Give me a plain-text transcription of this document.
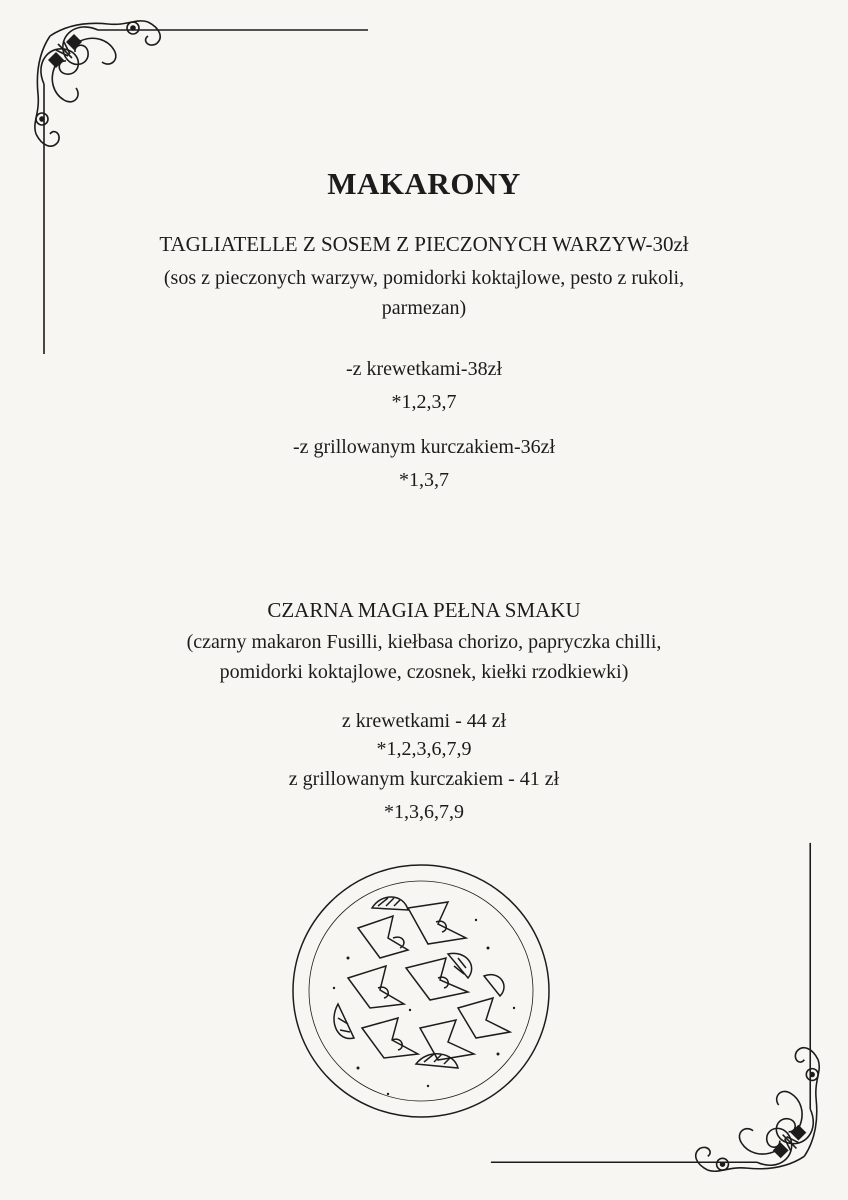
MAKARONY
TAGLIATELLE Z SOSEM Z PIECZONYCH WARZYW-30zł
(sos z pieczonych warzyw, pomidorki koktajlowe, pesto z rukoli,
parmezan)
-z krewetkami-38zł
*1,2,3,7
-z grillowanym kurczakiem-36zł
*1,3,7
CZARNA MAGIA PEŁNA SMAKU
(czarny makaron Fusilli, kiełbasa chorizo, papryczka chilli,
pomidorki koktajlowe, czosnek, kiełki rzodkiewki)
z krewetkami - 44 zł
*1,2,3,6,7,9
z grillowanym kurczakiem - 41 zł
*1,3,6,7,9
